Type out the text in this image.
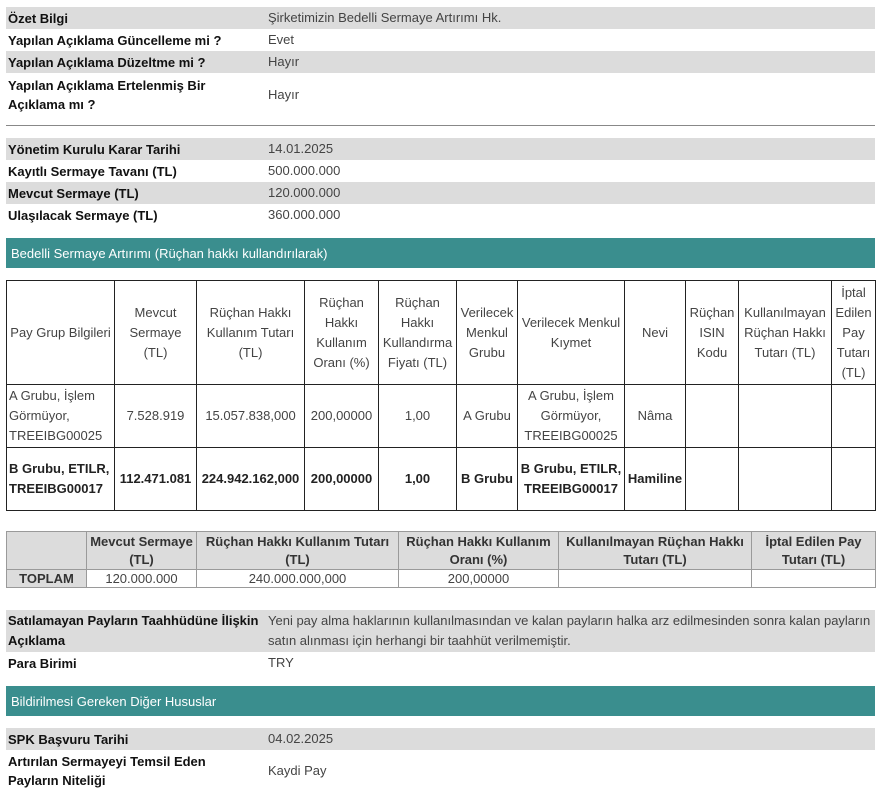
Özet Bilgi	Şirketimizin Bedelli Sermaye Artırımı Hk.
Yapılan Açıklama Güncelleme mi ?	Evet
Yapılan Açıklama Düzeltme mi ?	Hayır
Yapılan Açıklama Ertelenmiş Bir Açıklama mı ?
Hayır
Yönetim Kurulu Karar Tarihi	14.01.2025
Kayıtlı Sermaye Tavanı (TL)	500.000.000
Mevcut Sermaye (TL)	120.000.000
Ulaşılacak Sermaye (TL)	360.000.000
Bedelli Sermaye Artırımı (Rüçhan hakkı kullandırılarak)
Pay Grup Bilgileri	Mevcut Sermaye (TL)	Rüçhan Hakkı Kullanım Tutarı (TL)	Rüçhan Hakkı Kullanım Oranı (%)	Rüçhan Hakkı Kullandırma Fiyatı (TL)	Verilecek Menkul Grubu	Verilecek Menkul Kıymet	Nevi	Rüçhan ISIN Kodu	Kullanılmayan Rüçhan Hakkı Tutarı (TL)	İptal Edilen Pay Tutarı (TL)
A Grubu, İşlem Görmüyor, TREEIBG00025	7.528.919	15.057.838,000	200,00000	1,00	A Grubu	A Grubu, İşlem Görmüyor, TREEIBG00025	Nâma			
B Grubu, ETILR, TREEIBG00017	112.471.081	224.942.162,000	200,00000	1,00	B Grubu	B Grubu, ETILR, TREEIBG00017	Hamiline			
	Mevcut Sermaye (TL)	Rüçhan Hakkı Kullanım Tutarı (TL)	Rüçhan Hakkı Kullanım Oranı (%)	Kullanılmayan Rüçhan Hakkı Tutarı (TL)	İptal Edilen Pay Tutarı (TL)
TOPLAM	120.000.000	240.000.000,000	200,00000		
Satılamayan Payların Taahhüdüne İlişkin Açıklama
Yeni pay alma haklarının kullanılmasından ve kalan payların halka arz edilmesinden sonra kalan payların satın alınması için herhangi bir taahhüt verilmemiştir.
Para Birimi	TRY
Bildirilmesi Gereken Diğer Hususlar
SPK Başvuru Tarihi	04.02.2025
Artırılan Sermayeyi Temsil Eden Payların Niteliği
Kaydi Pay
